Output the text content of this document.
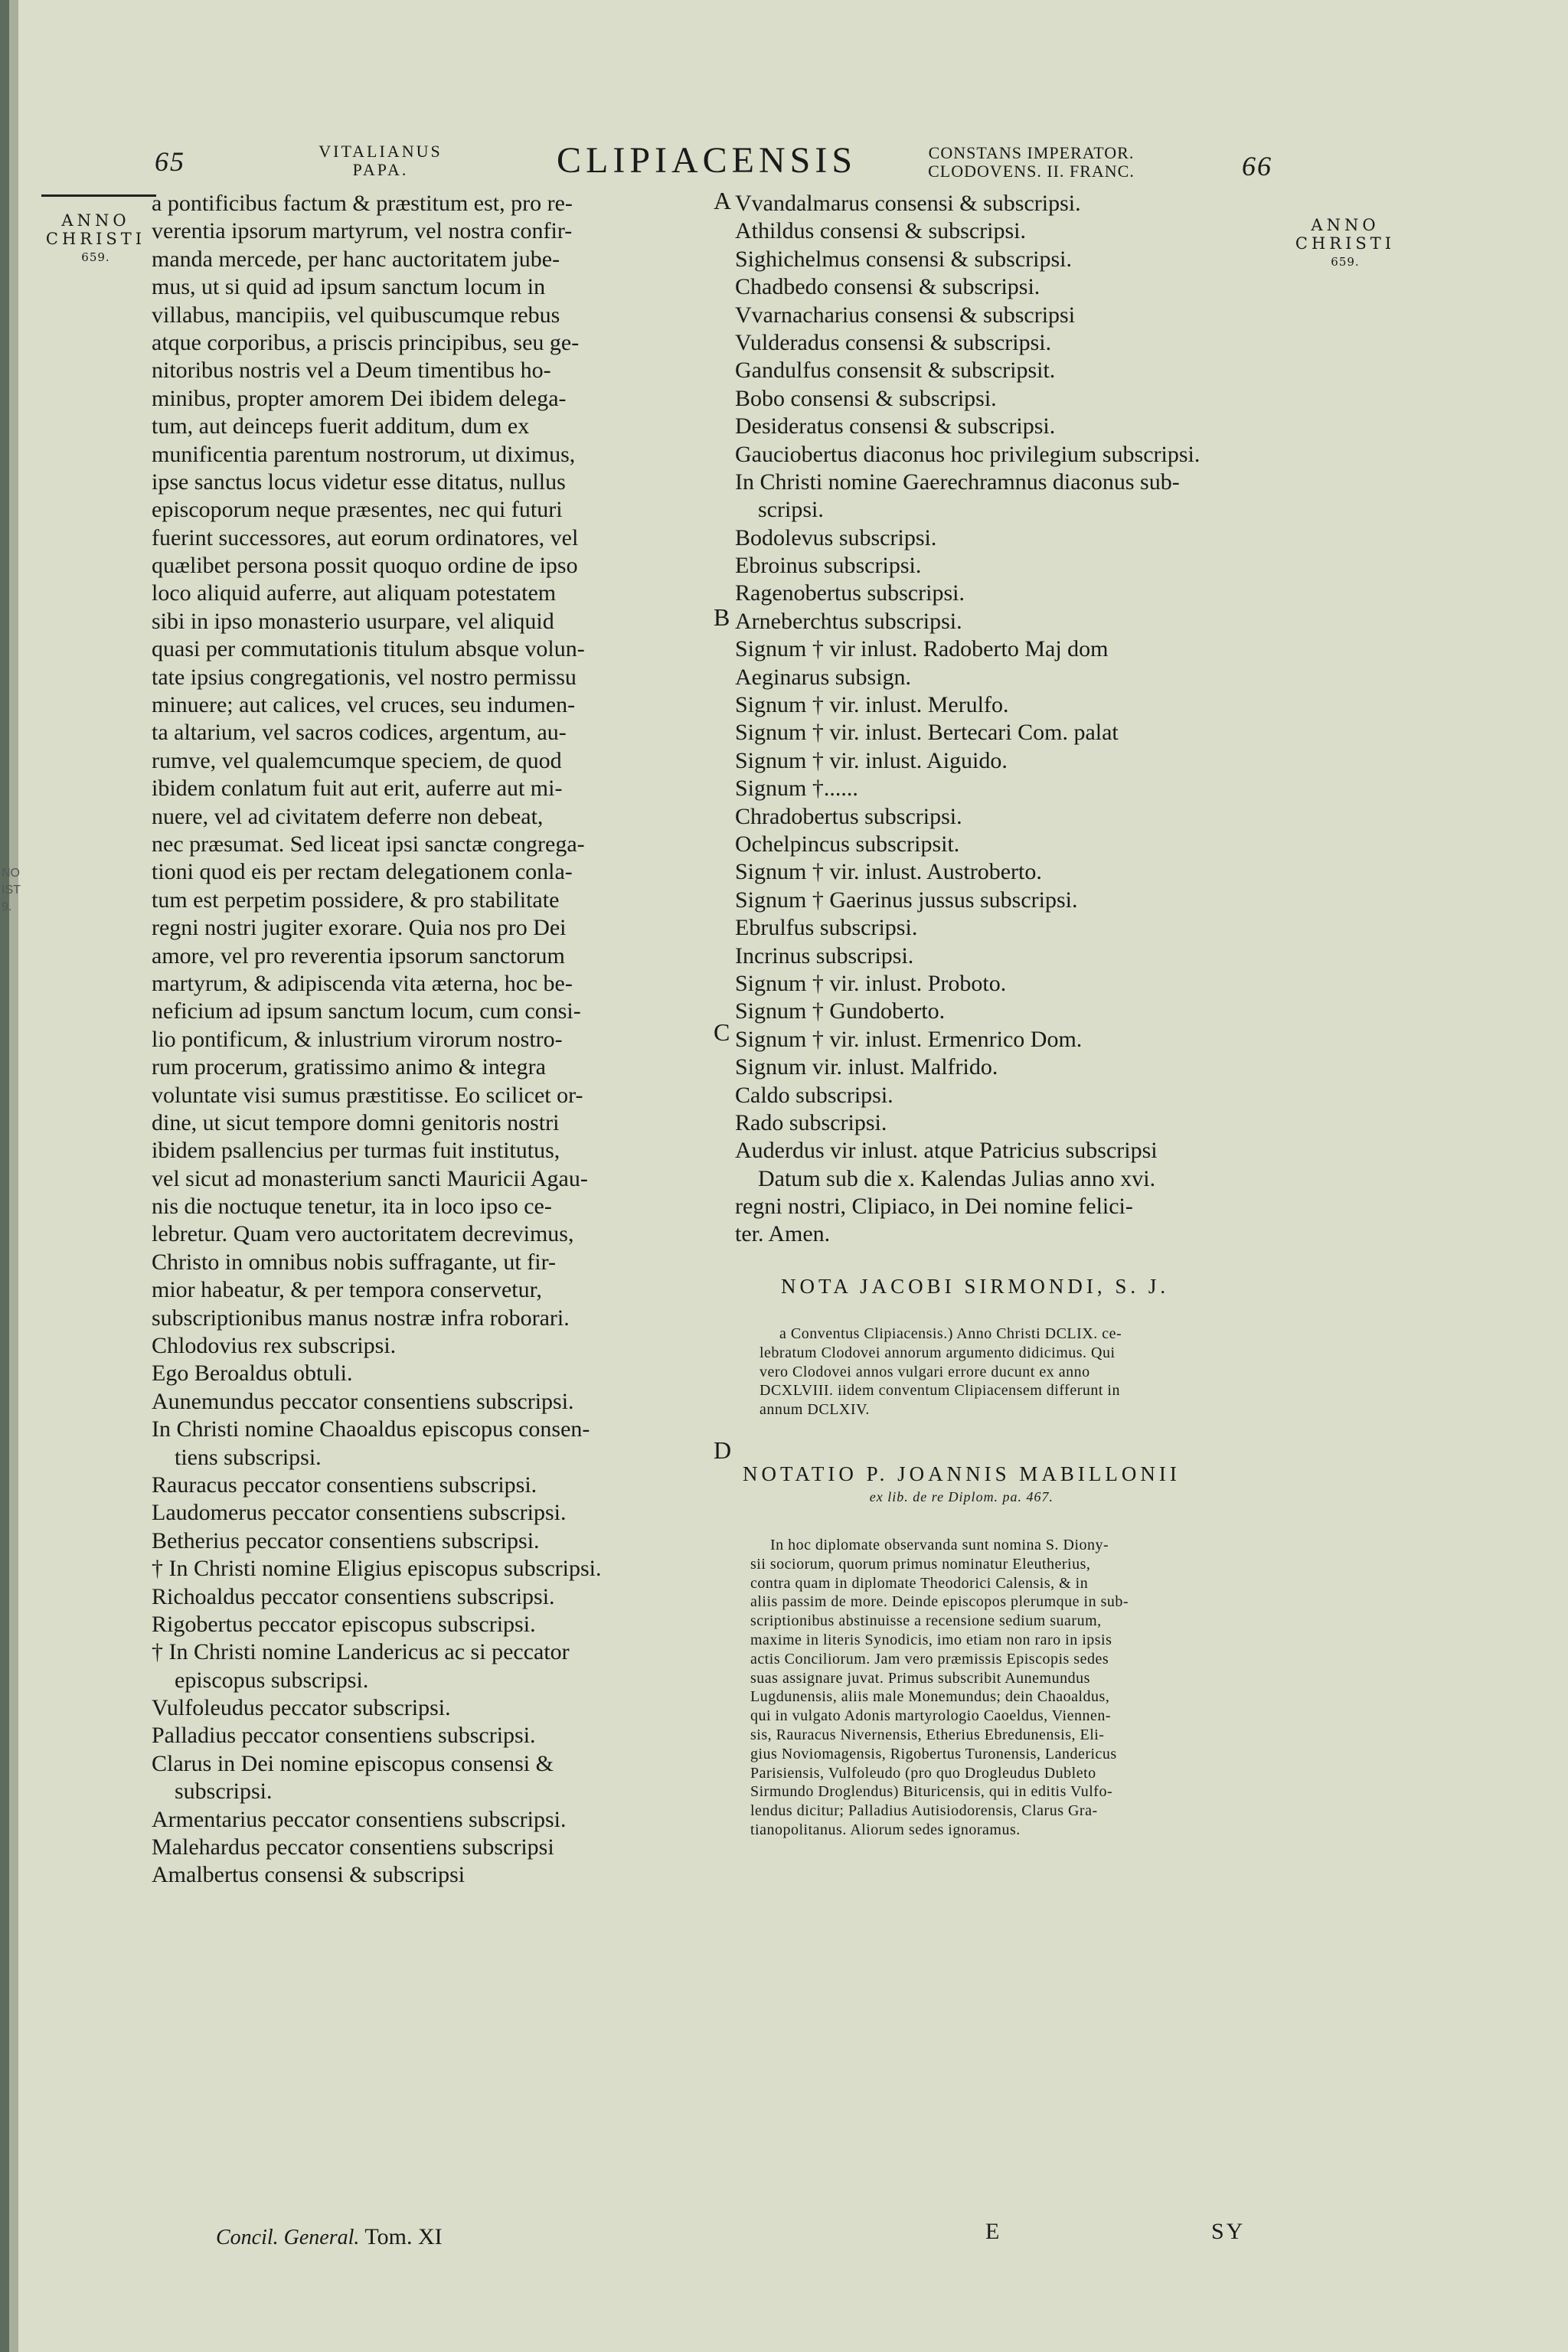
65	VITALIANUS
PAPA.	CLIPIACENSIS	CONSTANS IMPERATOR.
CLODOVENS. II. FRANC.	66
ANNO
CHRISTI
659.
ANNO
CHRISTI
659.
NO
IST
9.
A
B
C
D
a pontificibus factum & præstitum est, pro re-
verentia ipsorum martyrum, vel nostra confir-
manda mercede, per hanc auctoritatem jube-
mus, ut si quid ad ipsum sanctum locum in
villabus, mancipiis, vel quibuscumque rebus
atque corporibus, a priscis principibus, seu ge-
nitoribus nostris vel a Deum timentibus ho-
minibus, propter amorem Dei ibidem delega-
tum, aut deinceps fuerit additum, dum ex
munificentia parentum nostrorum, ut diximus,
ipse sanctus locus videtur esse ditatus, nullus
episcoporum neque præsentes, nec qui futuri
fuerint successores, aut eorum ordinatores, vel
quælibet persona possit quoquo ordine de ipso
loco aliquid auferre, aut aliquam potestatem
sibi in ipso monasterio usurpare, vel aliquid
quasi per commutationis titulum absque volun-
tate ipsius congregationis, vel nostro permissu
minuere; aut calices, vel cruces, seu indumen-
ta altarium, vel sacros codices, argentum, au-
rumve, vel qualemcumque speciem, de quod
ibidem conlatum fuit aut erit, auferre aut mi-
nuere, vel ad civitatem deferre non debeat,
nec præsumat. Sed liceat ipsi sanctæ congrega-
tioni quod eis per rectam delegationem conla-
tum est perpetim possidere, & pro stabilitate
regni nostri jugiter exorare. Quia nos pro Dei
amore, vel pro reverentia ipsorum sanctorum
martyrum, & adipiscenda vita æterna, hoc be-
neficium ad ipsum sanctum locum, cum consi-
lio pontificum, & inlustrium virorum nostro-
rum procerum, gratissimo animo & integra
voluntate visi sumus præstitisse. Eo scilicet or-
dine, ut sicut tempore domni genitoris nostri
ibidem psallencius per turmas fuit institutus,
vel sicut ad monasterium sancti Mauricii Agau-
nis die noctuque tenetur, ita in loco ipso ce-
lebretur. Quam vero auctoritatem decrevimus,
Christo in omnibus nobis suffragante, ut fir-
mior habeatur, & per tempora conservetur,
subscriptionibus manus nostræ infra roborari.
Chlodovius rex subscripsi.
Ego Beroaldus obtuli.
Aunemundus peccator consentiens subscripsi.
In Christi nomine Chaoaldus episcopus consen-
tiens subscripsi.
Rauracus peccator consentiens subscripsi.
Laudomerus peccator consentiens subscripsi.
Betherius peccator consentiens subscripsi.
† In Christi nomine Eligius episcopus subscripsi.
Richoaldus peccator consentiens subscripsi.
Rigobertus peccator episcopus subscripsi.
† In Christi nomine Landericus ac si peccator
episcopus subscripsi.
Vulfoleudus peccator subscripsi.
Palladius peccator consentiens subscripsi.
Clarus in Dei nomine episcopus consensi &
subscripsi.
Armentarius peccator consentiens subscripsi.
Malehardus peccator consentiens subscripsi
Amalbertus consensi & subscripsi
Vvandalmarus consensi & subscripsi.
Athildus consensi & subscripsi.
Sighichelmus consensi & subscripsi.
Chadbedo consensi & subscripsi.
Vvarnacharius consensi & subscripsi
Vulderadus consensi & subscripsi.
Gandulfus consensit & subscripsit.
Bobo consensi & subscripsi.
Desideratus consensi & subscripsi.
Gauciobertus diaconus hoc privilegium subscripsi.
In Christi nomine Gaerechramnus diaconus sub-
scripsi.
Bodolevus subscripsi.
Ebroinus subscripsi.
Ragenobertus subscripsi.
Arneberchtus subscripsi.
Signum † vir inlust. Radoberto Maj dom
Aeginarus subsign.
Signum † vir. inlust. Merulfo.
Signum † vir. inlust. Bertecari Com. palat
Signum † vir. inlust. Aiguido.
Signum †......
Chradobertus subscripsi.
Ochelpincus subscripsit.
Signum † vir. inlust. Austroberto.
Signum † Gaerinus jussus subscripsi.
Ebrulfus subscripsi.
Incrinus subscripsi.
Signum † vir. inlust. Proboto.
Signum † Gundoberto.
Signum † vir. inlust. Ermenrico Dom.
Signum vir. inlust. Malfrido.
Caldo subscripsi.
Rado subscripsi.
Auderdus vir inlust. atque Patricius subscripsi
Datum sub die x. Kalendas Julias anno xvi.
regni nostri, Clipiaco, in Dei nomine felici-
ter. Amen.
NOTA JACOBI SIRMONDI, S. J.
a Conventus Clipiacensis.) Anno Christi DCLIX. ce-
lebratum Clodovei annorum argumento didicimus. Qui
vero Clodovei annos vulgari errore ducunt ex anno
DCXLVIII. iidem conventum Clipiacensem differunt in
annum DCLXIV.
NOTATIO P. JOANNIS MABILLONII
ex lib. de re Diplom. pa. 467.
In hoc diplomate observanda sunt nomina S. Diony-
sii sociorum, quorum primus nominatur Eleutherius,
contra quam in diplomate Theodorici Calensis, & in
aliis passim de more. Deinde episcopos plerumque in sub-
scriptionibus abstinuisse a recensione sedium suarum,
maxime in literis Synodicis, imo etiam non raro in ipsis
actis Conciliorum. Jam vero præmissis Episcopis sedes
suas assignare juvat. Primus subscribit Aunemundus
Lugdunensis, aliis male Monemundus; dein Chaoaldus,
qui in vulgato Adonis martyrologio Caoeldus, Viennen-
sis, Rauracus Nivernensis, Etherius Ebredunensis, Eli-
gius Noviomagensis, Rigobertus Turonensis, Landericus
Parisiensis, Vulfoleudo (pro quo Drogleudus Dubleto
Sirmundo Droglendus) Bituricensis, qui in editis Vulfo-
lendus dicitur; Palladius Autisiodorensis, Clarus Gra-
tianopolitanus. Aliorum sedes ignoramus.
Concil. General. Tom. XI	E	SY
